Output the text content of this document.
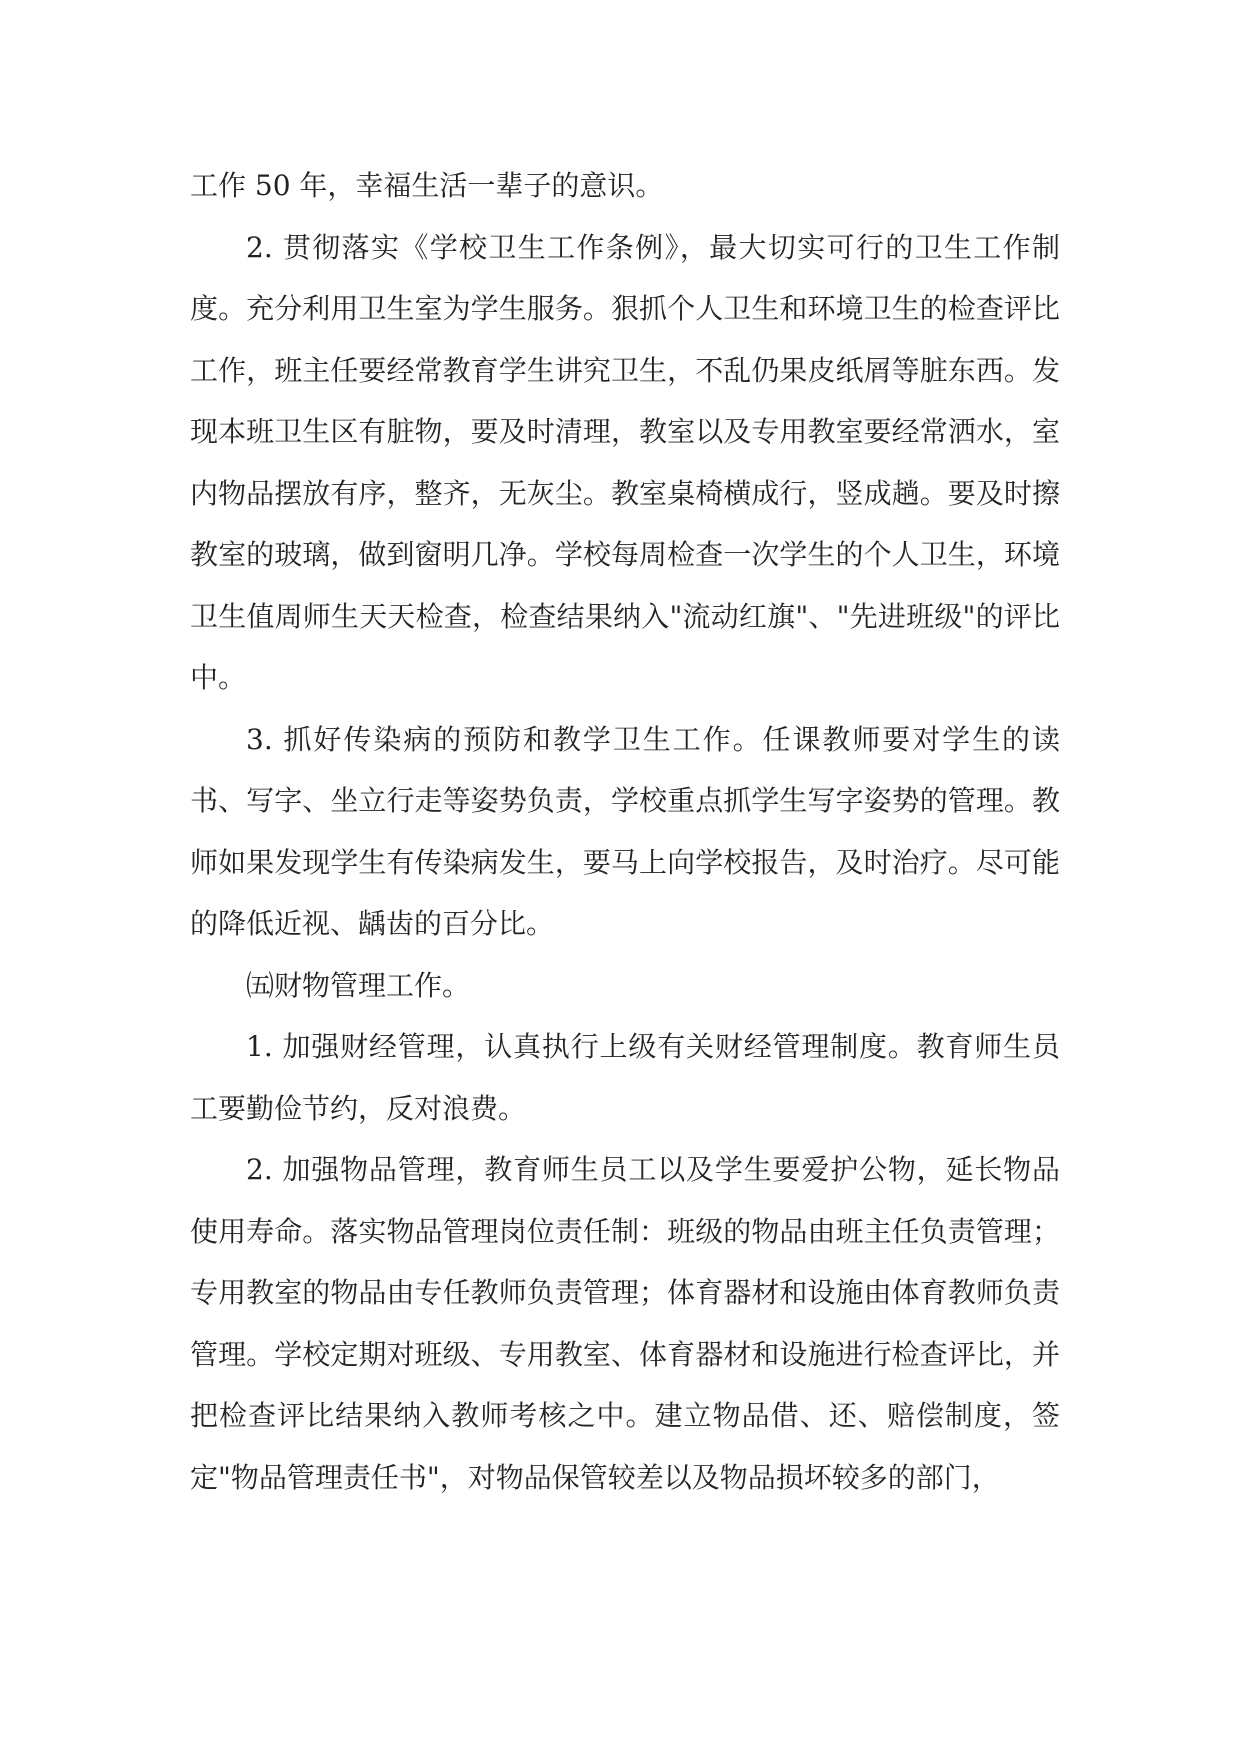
工作 50 年，幸福生活一辈子的意识。

2. 贯彻落实《学校卫生工作条例》，最大切实可行的卫生工作制度。充分利用卫生室为学生服务。狠抓个人卫生和环境卫生的检查评比工作，班主任要经常教育学生讲究卫生，不乱仍果皮纸屑等脏东西。发现本班卫生区有脏物，要及时清理，教室以及专用教室要经常洒水，室内物品摆放有序，整齐，无灰尘。教室桌椅横成行，竖成趟。要及时擦教室的玻璃，做到窗明几净。学校每周检查一次学生的个人卫生，环境卫生值周师生天天检查，检查结果纳入"流动红旗"、"先进班级"的评比中。

3. 抓好传染病的预防和教学卫生工作。任课教师要对学生的读书、写字、坐立行走等姿势负责，学校重点抓学生写字姿势的管理。教师如果发现学生有传染病发生，要马上向学校报告，及时治疗。尽可能的降低近视、龋齿的百分比。

㈤财物管理工作。

1. 加强财经管理，认真执行上级有关财经管理制度。教育师生员工要勤俭节约，反对浪费。

2. 加强物品管理，教育师生员工以及学生要爱护公物，延长物品使用寿命。落实物品管理岗位责任制：班级的物品由班主任负责管理；专用教室的物品由专任教师负责管理；体育器材和设施由体育教师负责管理。学校定期对班级、专用教室、体育器材和设施进行检查评比，并把检查评比结果纳入教师考核之中。建立物品借、还、赔偿制度，签定"物品管理责任书"，对物品保管较差以及物品损坏较多的部门，
